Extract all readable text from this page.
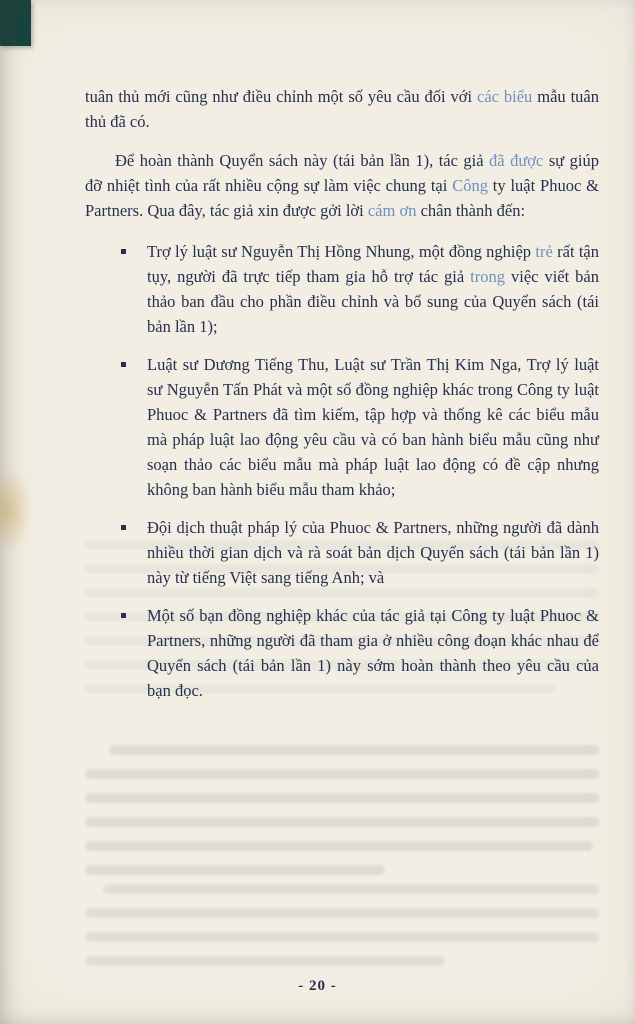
tuân thủ mới cũng như điều chỉnh một số yêu cầu đối với các biểu mẫu tuân thủ đã có.

Để hoàn thành Quyển sách này (tái bản lần 1), tác giả đã được sự giúp đỡ nhiệt tình của rất nhiều cộng sự làm việc chung tại Công ty luật Phuoc & Partners. Qua đây, tác giả xin được gởi lời cám ơn chân thành đến:

Trợ lý luật sư Nguyễn Thị Hồng Nhung, một đồng nghiệp trẻ rất tận tụy, người đã trực tiếp tham gia hỗ trợ tác giả trong việc viết bản thảo ban đầu cho phần điều chỉnh và bổ sung của Quyển sách (tái bản lần 1);
Luật sư Dương Tiếng Thu, Luật sư Trần Thị Kim Nga, Trợ lý luật sư Nguyễn Tấn Phát và một số đồng nghiệp khác trong Công ty luật Phuoc & Partners đã tìm kiếm, tập hợp và thống kê các biểu mẫu mà pháp luật lao động yêu cầu và có ban hành biểu mẫu cũng như soạn thảo các biểu mẫu mà pháp luật lao động có đề cập nhưng không ban hành biểu mẫu tham khảo;
Đội dịch thuật pháp lý của Phuoc & Partners, những người đã dành nhiều thời gian dịch và rà soát bản dịch Quyển sách (tái bản lần 1) này từ tiếng Việt sang tiếng Anh; và
Một số bạn đồng nghiệp khác của tác giả tại Công ty luật Phuoc & Partners, những người đã tham gia ở nhiều công đoạn khác nhau để Quyển sách (tái bản lần 1) này sớm hoàn thành theo yêu cầu của bạn đọc.
- 20 -
